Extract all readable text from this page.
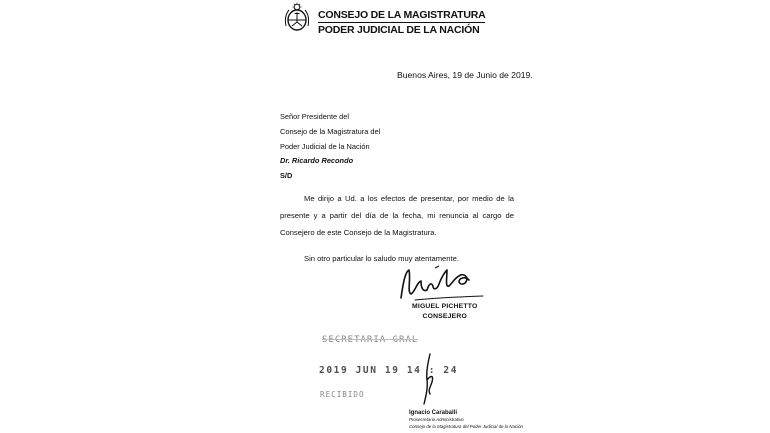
CONSEJO DE LA MAGISTRATURA
PODER JUDICIAL DE LA NACIÓN
Buenos Aires, 19 de Junio de 2019.
Señor Presidente del
Consejo de la Magistratura del
Poder Judicial de la Nación
Dr. Ricardo Recondo
S/D
Me dirijo a Ud. a los efectos de presentar, por medio de la presente y a partir del día de la fecha, mi renuncia al cargo de Consejero de este Consejo de la Magistratura.
Sin otro particular lo saludo muy atentamente.
MIGUEL PICHETTO
CONSEJERO
SECRETARIA GRAL
2019 JUN 19 14 : 24
RECIBIDO
Ignacio Caraballi
Prosecretario Administrativo
Consejo de la Magistratura del Poder Judicial de la Nación
